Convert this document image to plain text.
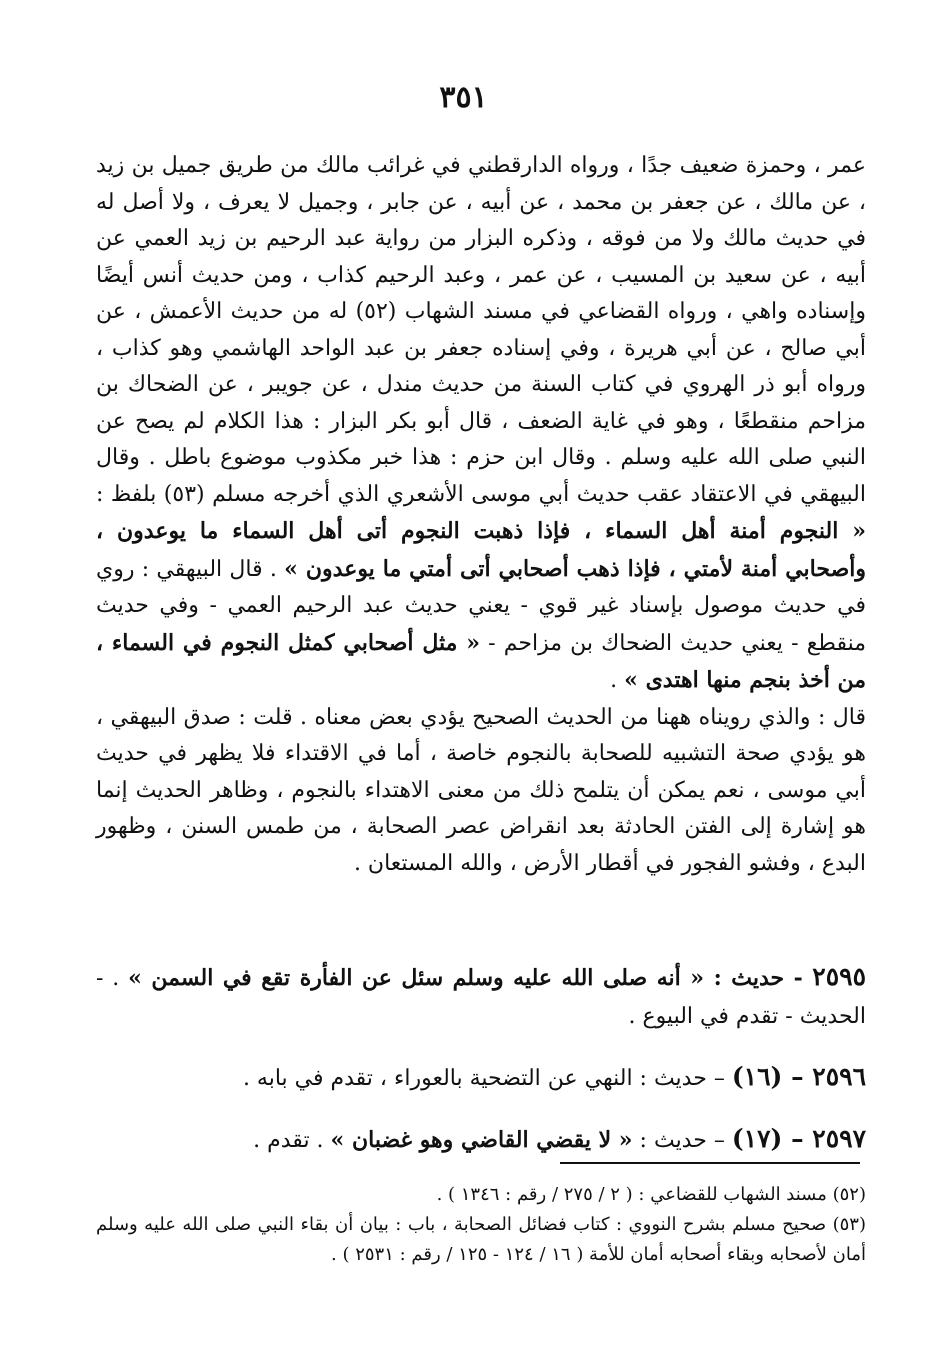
٣٥١

عمر ، وحمزة ضعيف جدًا ، ورواه الدارقطني في غرائب مالك من طريق جميل بن زيد ، عن مالك ، عن جعفر بن محمد ، عن أبيه ، عن جابر ، وجميل لا يعرف ، ولا أصل له في حديث مالك ولا من فوقه ، وذكره البزار من رواية عبد الرحيم بن زيد العمي عن أبيه ، عن سعيد بن المسيب ، عن عمر ، وعبد الرحيم كذاب ، ومن حديث أنس أيضًا وإسناده واهي ، ورواه القضاعي في مسند الشهاب (٥٢) له من حديث الأعمش ، عن أبي صالح ، عن أبي هريرة ، وفي إسناده جعفر بن عبد الواحد الهاشمي وهو كذاب ، ورواه أبو ذر الهروي في كتاب السنة من حديث مندل ، عن جويبر ، عن الضحاك بن مزاحم منقطعًا ، وهو في غاية الضعف ، قال أبو بكر البزار : هذا الكلام لم يصح عن النبي صلى الله عليه وسلم . وقال ابن حزم : هذا خبر مكذوب موضوع باطل . وقال البيهقي في الاعتقاد عقب حديث أبي موسى الأشعري الذي أخرجه مسلم (٥٣) بلفظ : « النجوم أمنة أهل السماء ، فإذا ذهبت النجوم أتى أهل السماء ما يوعدون ، وأصحابي أمنة لأمتي ، فإذا ذهب أصحابي أتى أمتي ما يوعدون » . قال البيهقي : روي في حديث موصول بإسناد غير قوي - يعني حديث عبد الرحيم العمي - وفي حديث منقطع - يعني حديث الضحاك بن مزاحم - « مثل أصحابي كمثل النجوم في السماء ، من أخذ بنجم منها اهتدى » .

قال : والذي رويناه ههنا من الحديث الصحيح يؤدي بعض معناه . قلت : صدق البيهقي ، هو يؤدي صحة التشبيه للصحابة بالنجوم خاصة ، أما في الاقتداء فلا يظهر في حديث أبي موسى ، نعم يمكن أن يتلمح ذلك من معنى الاهتداء بالنجوم ، وظاهر الحديث إنما هو إشارة إلى الفتن الحادثة بعد انقراض عصر الصحابة ، من طمس السنن ، وظهور البدع ، وفشو الفجور في أقطار الأرض ، والله المستعان .

٢٥٩٥ - حديث : « أنه صلى الله عليه وسلم سئل عن الفأرة تقع في السمن » . - الحديث - تقدم في البيوع .

٢٥٩٦ – (١٦) – حديث : النهي عن التضحية بالعوراء ، تقدم في بابه .

٢٥٩٧ – (١٧) – حديث : « لا يقضي القاضي وهو غضبان » . تقدم .

(٥٢) مسند الشهاب للقضاعي : ( ٢ / ٢٧٥ / رقم : ١٣٤٦ ) .

(٥٣) صحيح مسلم بشرح النووي : كتاب فضائل الصحابة ، باب : بيان أن بقاء النبي صلى الله عليه وسلم أمان لأصحابه وبقاء أصحابه أمان للأمة ( ١٦ / ١٢٤ - ١٢٥ / رقم : ٢٥٣١ ) .
